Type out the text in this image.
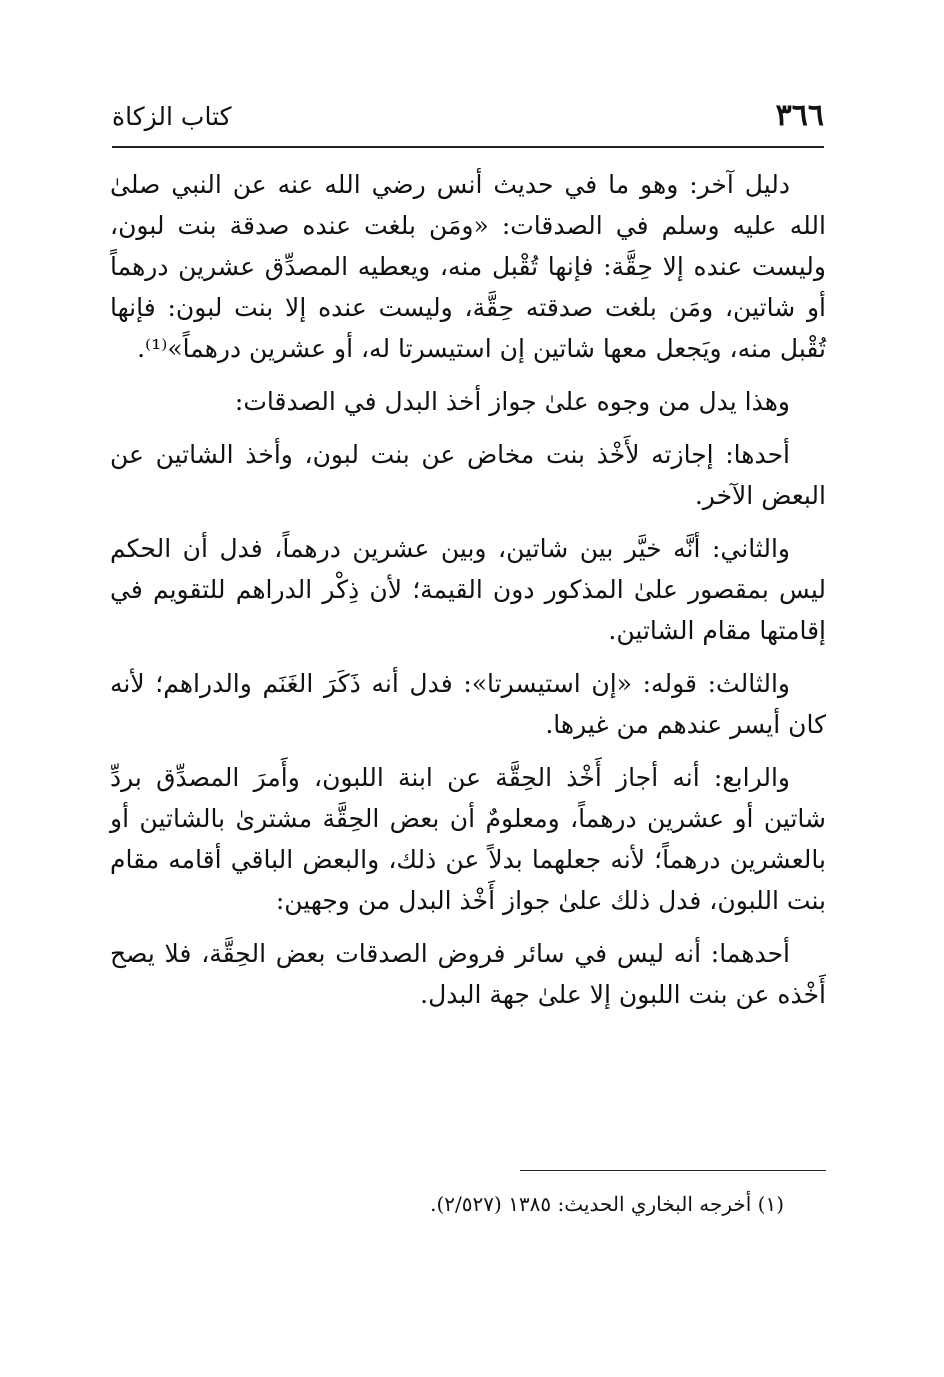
٣٦٦
كتاب الزكاة

دليل آخر: وهو ما في حديث أنس رضي الله عنه عن النبي صلىٰ الله عليه وسلم في الصدقات: «ومَن بلغت عنده صدقة بنت لبون، وليست عنده إلا حِقَّة: فإنها تُقْبل منه، ويعطيه المصدِّق عشرين درهماً أو شاتين، ومَن بلغت صدقته حِقَّة، وليست عنده إلا بنت لبون: فإنها تُقْبل منه، ويَجعل معها شاتين إن استيسرتا له، أو عشرين درهماً»⁽¹⁾.

وهذا يدل من وجوه علىٰ جواز أخذ البدل في الصدقات:

أحدها: إجازته لأَخْذ بنت مخاض عن بنت لبون، وأخذ الشاتين عن البعض الآخر.

والثاني: أنَّه خيَّر بين شاتين، وبين عشرين درهماً، فدل أن الحكم ليس بمقصور علىٰ المذكور دون القيمة؛ لأن ذِكْر الدراهم للتقويم في إقامتها مقام الشاتين.

والثالث: قوله: «إن استيسرتا»: فدل أنه ذَكَرَ الغَنَم والدراهم؛ لأنه كان أيسر عندهم من غيرها.

والرابع: أنه أجاز أَخْذ الحِقَّة عن ابنة اللبون، وأَمرَ المصدِّق بردِّ شاتين أو عشرين درهماً، ومعلومٌ أن بعض الحِقَّة مشترىٰ بالشاتين أو بالعشرين درهماً؛ لأنه جعلهما بدلاً عن ذلك، والبعض الباقي أقامه مقام بنت اللبون، فدل ذلك علىٰ جواز أَخْذ البدل من وجهين:

أحدهما: أنه ليس في سائر فروض الصدقات بعض الحِقَّة، فلا يصح أَخْذه عن بنت اللبون إلا علىٰ جهة البدل.

(١) أخرجه البخاري الحديث: ١٣٨٥ (٢/٥٢٧).
